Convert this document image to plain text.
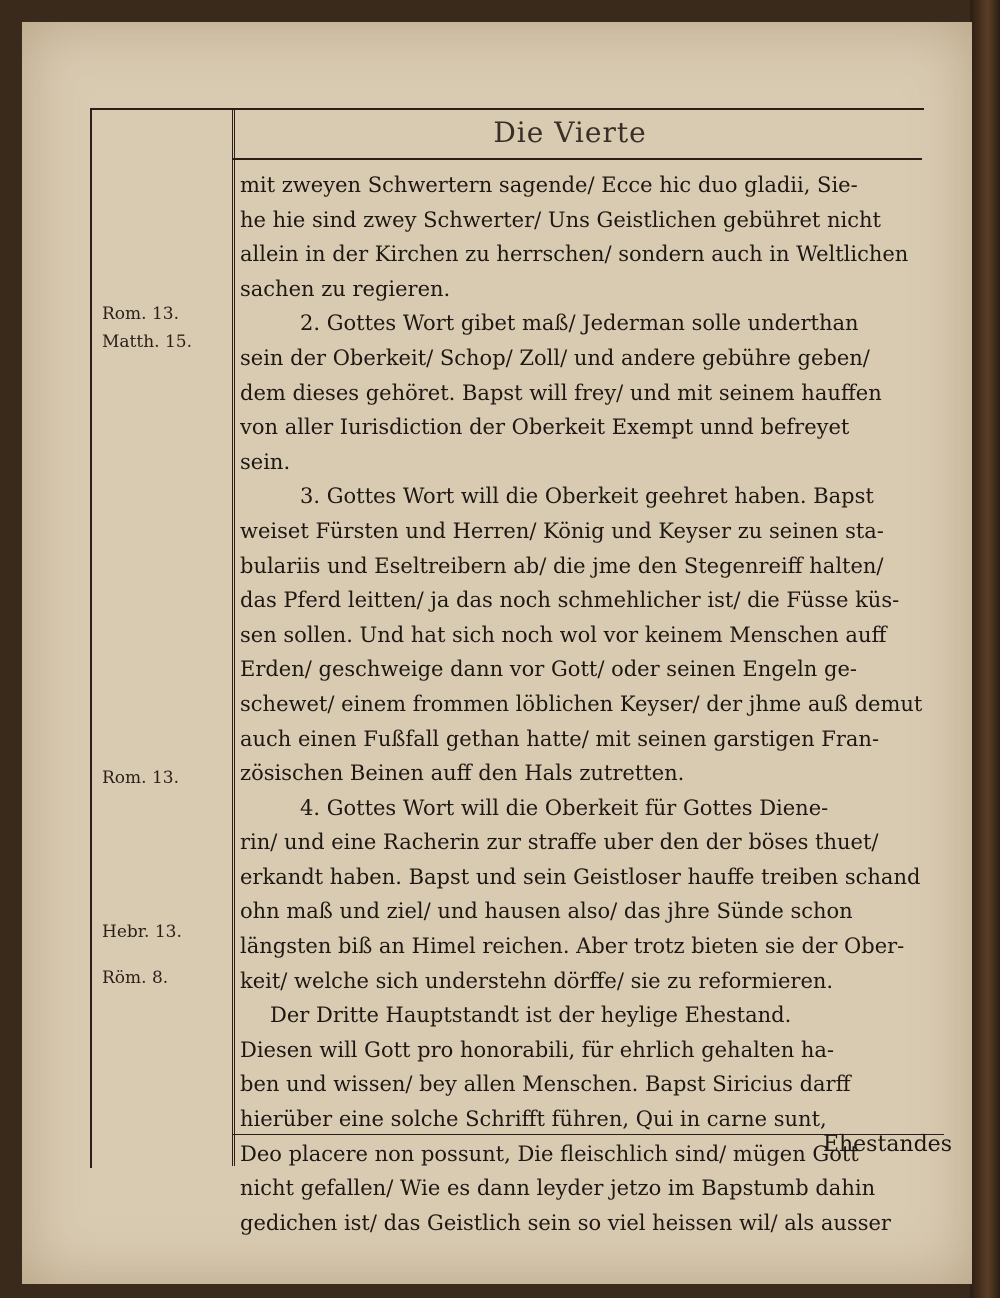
Die Vierte
Rom. 13.
Matth. 15.
Rom. 13.
Hebr. 13.
Röm. 8.
mit zweyen Schwertern sagende/ Ecce hic duo gladii, Sie-
he hie sind zwey Schwerter/ Uns Geistlichen gebühret nicht
allein in der Kirchen zu herrschen/ sondern auch in Weltlichen
sachen zu regieren.
2. Gottes Wort gibet maß/ Jederman solle underthan
sein der Oberkeit/ Schop/ Zoll/ und andere gebühre geben/
dem dieses gehöret. Bapst will frey/ und mit seinem hauffen
von aller Iurisdiction der Oberkeit Exempt unnd befreyet
sein.
3. Gottes Wort will die Oberkeit geehret haben. Bapst
weiset Fürsten und Herren/ König und Keyser zu seinen sta-
bulariis und Eseltreibern ab/ die jme den Stegenreiff halten/
das Pferd leitten/ ja das noch schmehlicher ist/ die Füsse küs-
sen sollen. Und hat sich noch wol vor keinem Menschen auff
Erden/ geschweige dann vor Gott/ oder seinen Engeln ge-
schewet/ einem frommen löblichen Keyser/ der jhme auß demut
auch einen Fußfall gethan hatte/ mit seinen garstigen Fran-
zösischen Beinen auff den Hals zutretten.
4. Gottes Wort will die Oberkeit für Gottes Diene-
rin/ und eine Racherin zur straffe uber den der böses thuet/
erkandt haben. Bapst und sein Geistloser hauffe treiben schand
ohn maß und ziel/ und hausen also/ das jhre Sünde schon
längsten biß an Himel reichen. Aber trotz bieten sie der Ober-
keit/ welche sich understehn dörffe/ sie zu reformieren.
Der Dritte Hauptstandt ist der heylige Ehestand.
Diesen will Gott pro honorabili, für ehrlich gehalten ha-
ben und wissen/ bey allen Menschen. Bapst Siricius darff
hierüber eine solche Schrifft führen, Qui in carne sunt,
Deo placere non possunt, Die fleischlich sind/ mügen Gott
nicht gefallen/ Wie es dann leyder jetzo im Bapstumb dahin
gedichen ist/ das Geistlich sein so viel heissen wil/ als ausser
Ehestandes
